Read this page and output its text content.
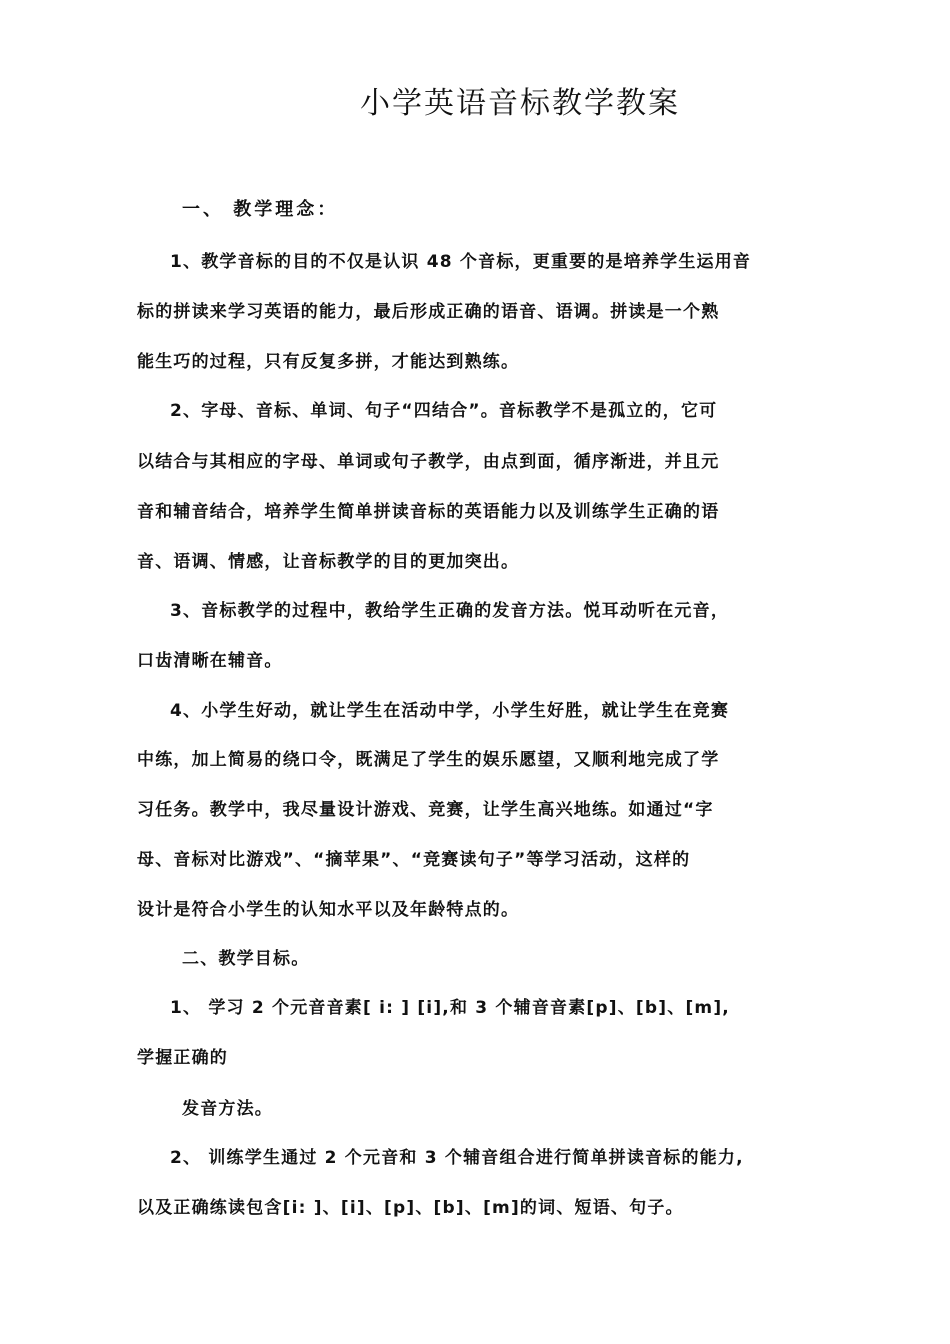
小学英语音标教学教案
一、 教学理念：
1、教学音标的目的不仅是认识 48 个音标，更重要的是培养学生运用音
标的拼读来学习英语的能力，最后形成正确的语音、语调。拼读是一个熟
能生巧的过程，只有反复多拼，才能达到熟练。
2、字母、音标、单词、句子“四结合”。音标教学不是孤立的，它可
以结合与其相应的字母、单词或句子教学，由点到面，循序渐进，并且元
音和辅音结合，培养学生简单拼读音标的英语能力以及训练学生正确的语
音、语调、情感，让音标教学的目的更加突出。
3、音标教学的过程中，教给学生正确的发音方法。悦耳动听在元音，
口齿清晰在辅音。
4、小学生好动，就让学生在活动中学，小学生好胜，就让学生在竞赛
中练，加上简易的绕口令，既满足了学生的娱乐愿望，又顺利地完成了学
习任务。教学中，我尽量设计游戏、竞赛，让学生高兴地练。如通过“字
母、音标对比游戏”、“摘苹果”、“竞赛读句子”等学习活动，这样的
设计是符合小学生的认知水平以及年龄特点的。
二、教学目标。
1、 学习 2 个元音音素[ i: ] [i],和 3 个辅音音素[p]、[b]、[m],
学握正确的
发音方法。
2、 训练学生通过 2 个元音和 3 个辅音组合进行简单拼读音标的能力,
以及正确练读包含[i: ]、[i]、[p]、[b]、[m]的词、短语、句子。
